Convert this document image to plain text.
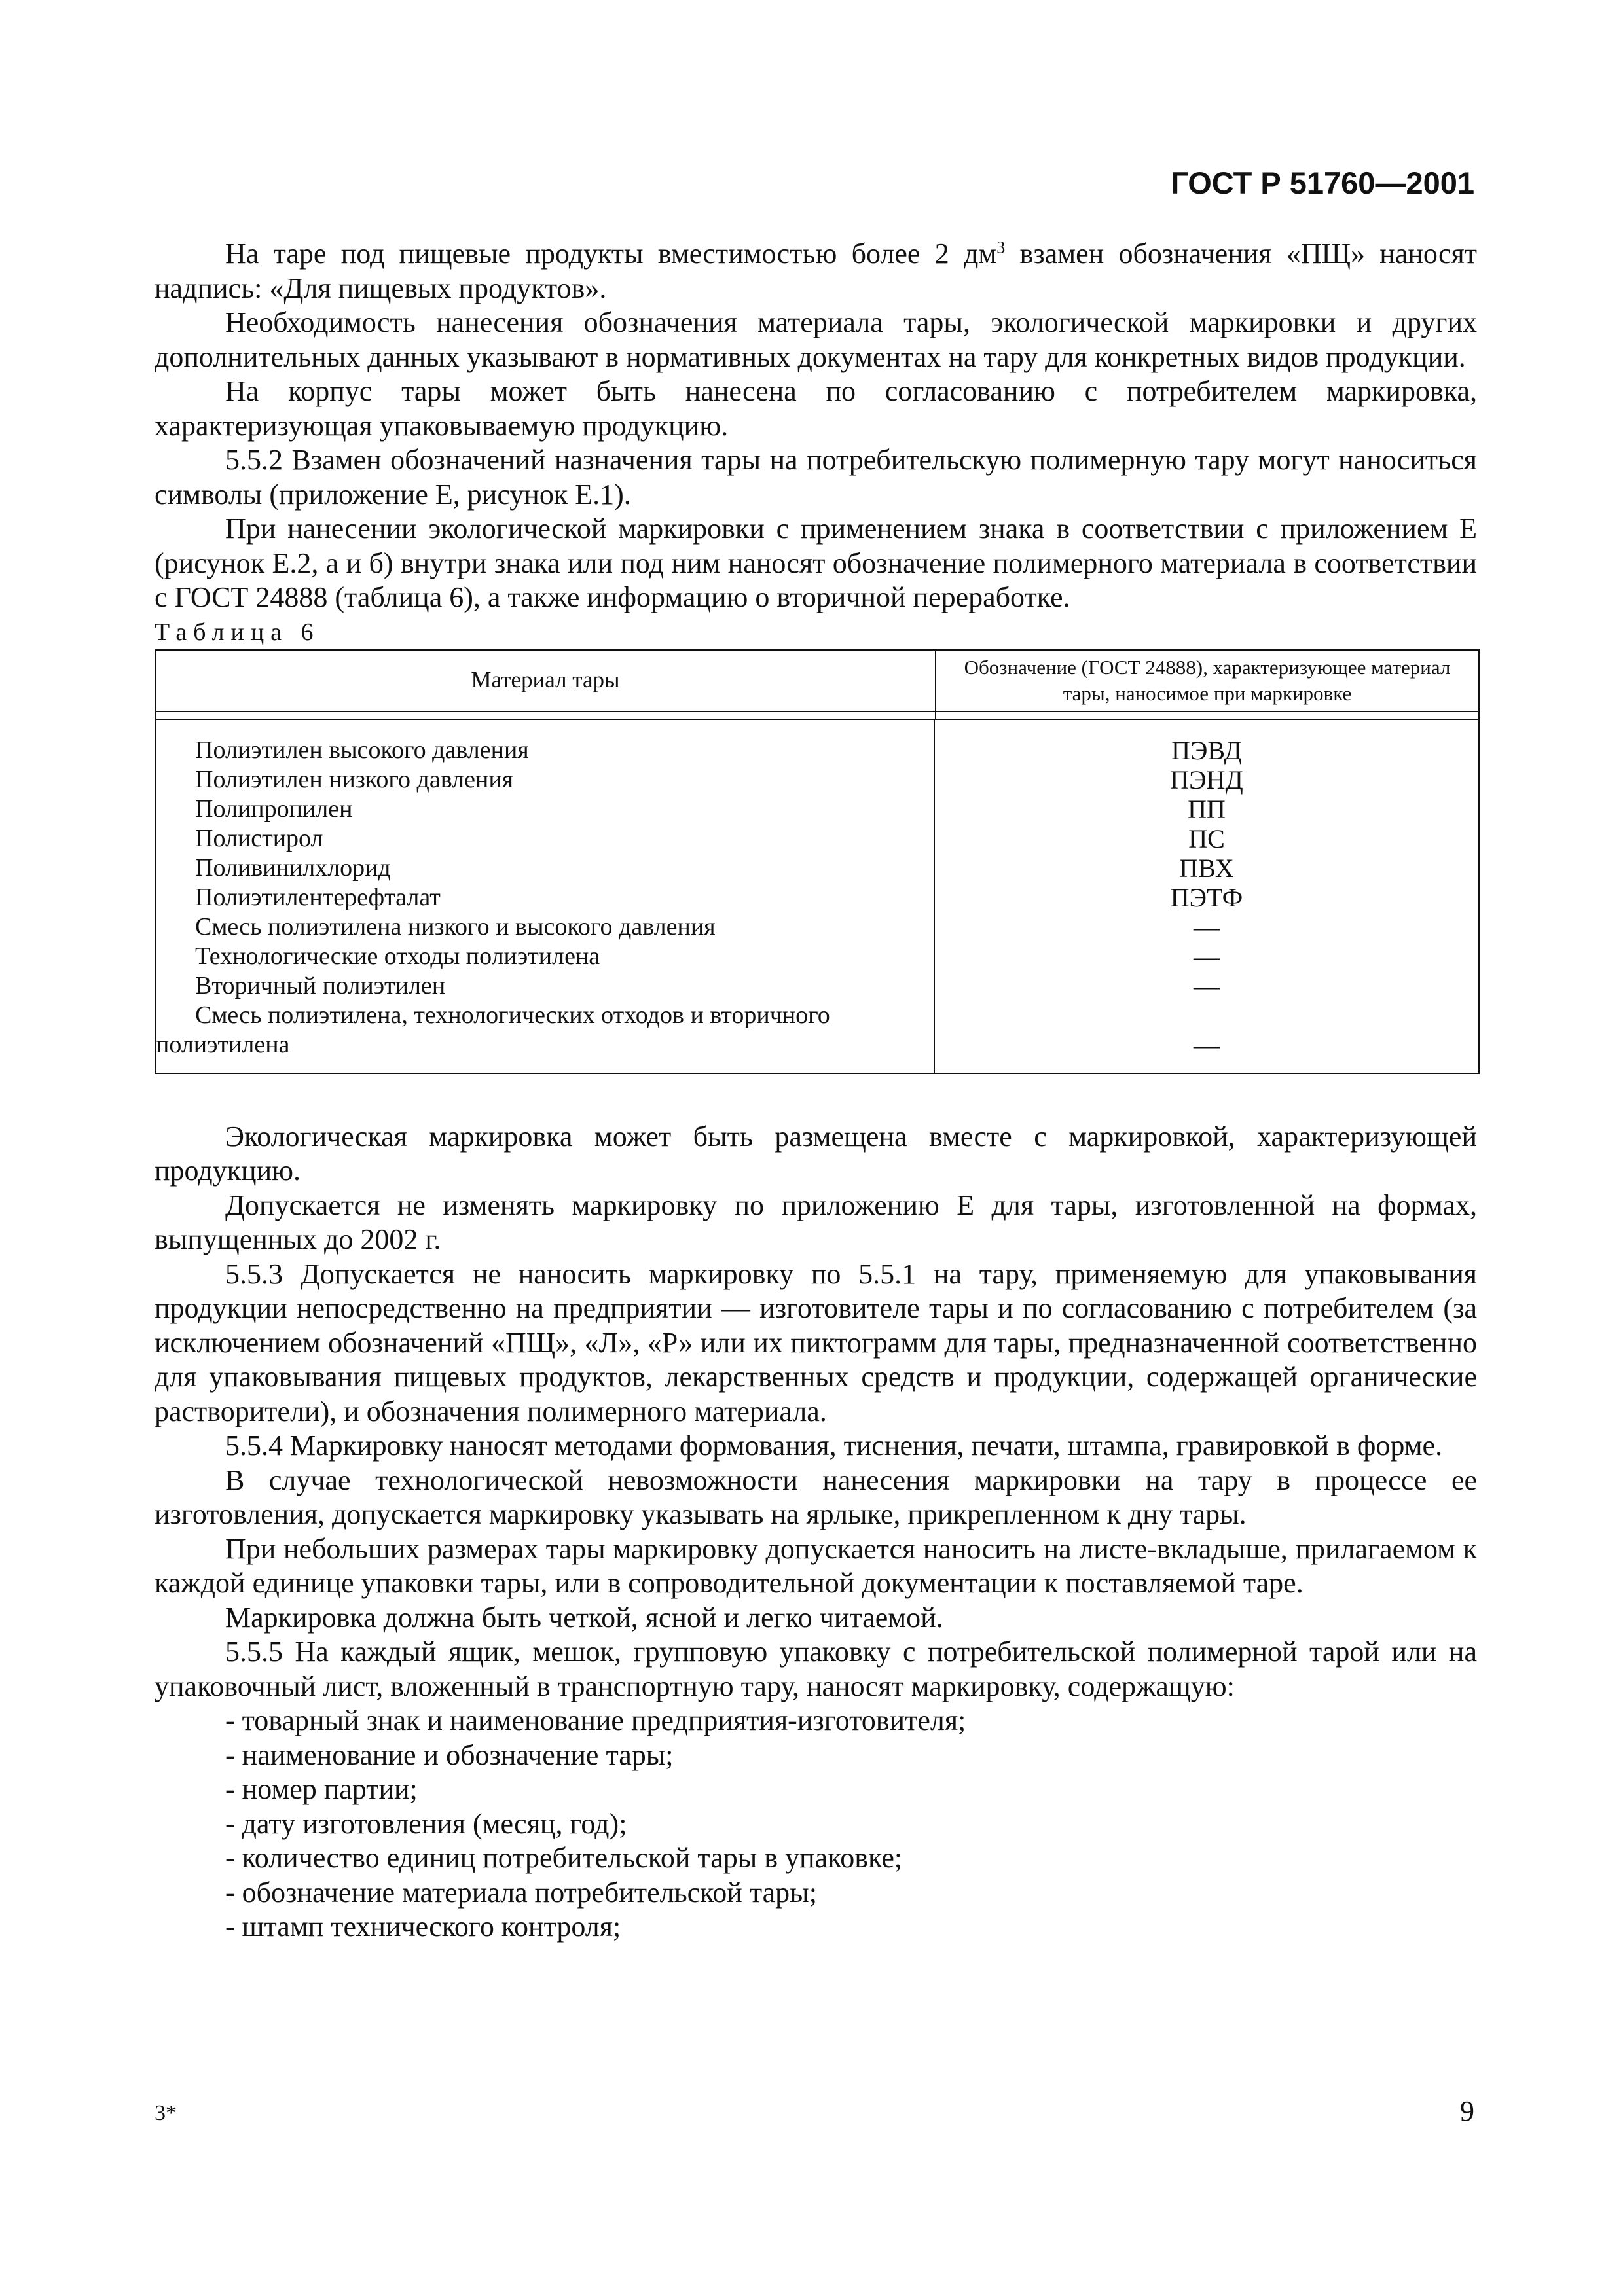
ГОСТ Р 51760—2001

На таре под пищевые продукты вместимостью более 2 $дм^3$ взамен обозначения «ПЩ» наносят надпись: «Для пищевых продуктов».

Необходимость нанесения обозначения материала тары, экологической маркировки и других дополнительных данных указывают в нормативных документах на тару для конкретных видов продукции.

На корпус тары может быть нанесена по согласованию с потребителем маркировка, характеризующая упаковываемую продукцию.

5.5.2 Взамен обозначений назначения тары на потребительскую полимерную тару могут наноситься символы (приложение Е, рисунок Е.1).

При нанесении экологической маркировки с применением знака в соответствии с приложением Е (рисунок Е.2, а и б) внутри знака или под ним наносят обозначение полимерного материала в соответствии с ГОСТ 24888 (таблица 6), а также информацию о вторичной переработке.

Таблица 6
Материал тары
Обозначение (ГОСТ 24888), характеризующее материал тары, наносимое при маркировке
Полиэтилен высокого давления
Полиэтилен низкого давления
Полипропилен
Полистирол
Поливинилхлорид
Полиэтилентерефталат
Смесь полиэтилена низкого и высокого давления
Технологические отходы полиэтилена
Вторичный полиэтилен
Смесь полиэтилена, технологических отходов и вторичного
полиэтилена
ПЭВД
ПЭНД
ПП
ПС
ПВХ
ПЭТФ
—
—
—
—

Экологическая маркировка может быть размещена вместе с маркировкой, характеризующей продукцию.

Допускается не изменять маркировку по приложению Е для тары, изготовленной на формах, выпущенных до 2002 г.

5.5.3 Допускается не наносить маркировку по 5.5.1 на тару, применяемую для упаковывания продукции непосредственно на предприятии — изготовителе тары и по согласованию с потребителем (за исключением обозначений «ПЩ», «Л», «Р» или их пиктограмм для тары, предназначенной соответственно для упаковывания пищевых продуктов, лекарственных средств и продукции, содержащей органические растворители), и обозначения полимерного материала.

5.5.4 Маркировку наносят методами формования, тиснения, печати, штампа, гравировкой в форме.

В случае технологической невозможности нанесения маркировки на тару в процессе ее изготовления, допускается маркировку указывать на ярлыке, прикрепленном к дну тары.

При небольших размерах тары маркировку допускается наносить на листе-вкладыше, прилагаемом к каждой единице упаковки тары, или в сопроводительной документации к поставляемой таре.

Маркировка должна быть четкой, ясной и легко читаемой.

5.5.5 На каждый ящик, мешок, групповую упаковку с потребительской полимерной тарой или на упаковочный лист, вложенный в транспортную тару, наносят маркировку, содержащую:

- товарный знак и наименование предприятия-изготовителя;

- наименование и обозначение тары;

- номер партии;

- дату изготовления (месяц, год);

- количество единиц потребительской тары в упаковке;

- обозначение материала потребительской тары;

- штамп технического контроля;

3*	9
